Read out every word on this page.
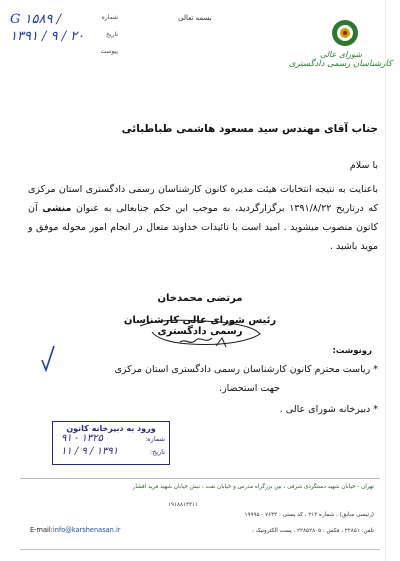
G ۱۵۸۹ /	شماره
۱۳۹۱ / ۹ / ۲۰	تاریخ
پیوست
بسمه تعالی
شورای عالی
کارشناسان رسمی دادگستری
جناب آقای مهندس سید مسعود هاشمی طباطبائی
با سلام
باعنایت به نتیجه انتخابات هیئت مدیره کانون کارشناسان رسمی دادگستری استان مرکزی که درتاریخ ۱۳۹۱/۸/۲۲ برگزارگردید، به موجب این حکم جنابعالی به عنوان منشی آن کانون منصوب میشوید . امید است با تائیدات خداوند متعال در انجام امور محوله موفق و موید باشید .
مرتضی محمدخان
رئیس شورای عالی کارشناسان رسمی دادگستری
رونوشت:
* ریاست محترم کانون کارشناسان رسمی دادگستری استان مرکزی
جهت استحضار.
* دبیرخانه شورای عالی .
ورود به دبیرخانه کانون
شماره:
۱۳۲۵ - ۹۱
تاریخ:
۱۳۹۱ / ۹ / ۱۱
تهران - خیابان شهید دستگردی شرقی ، بین بزرگراه مدرس و خیابان نفت ، نبش خیابان شهید فرید افشار
۱۹۱۸۸۱۴۳۱۱
(رئیسی سابق) ، شماره ۲۱۳ ، کد پستی : ۷۶۴۳ - ۱۹۹۹۵
تلفن: ۲۲۸۵۱ ، فکس : ۲۲۸۵۲۸۰۵ ، پست الکترونیک :
E-mail:info@karshenasan.ir
